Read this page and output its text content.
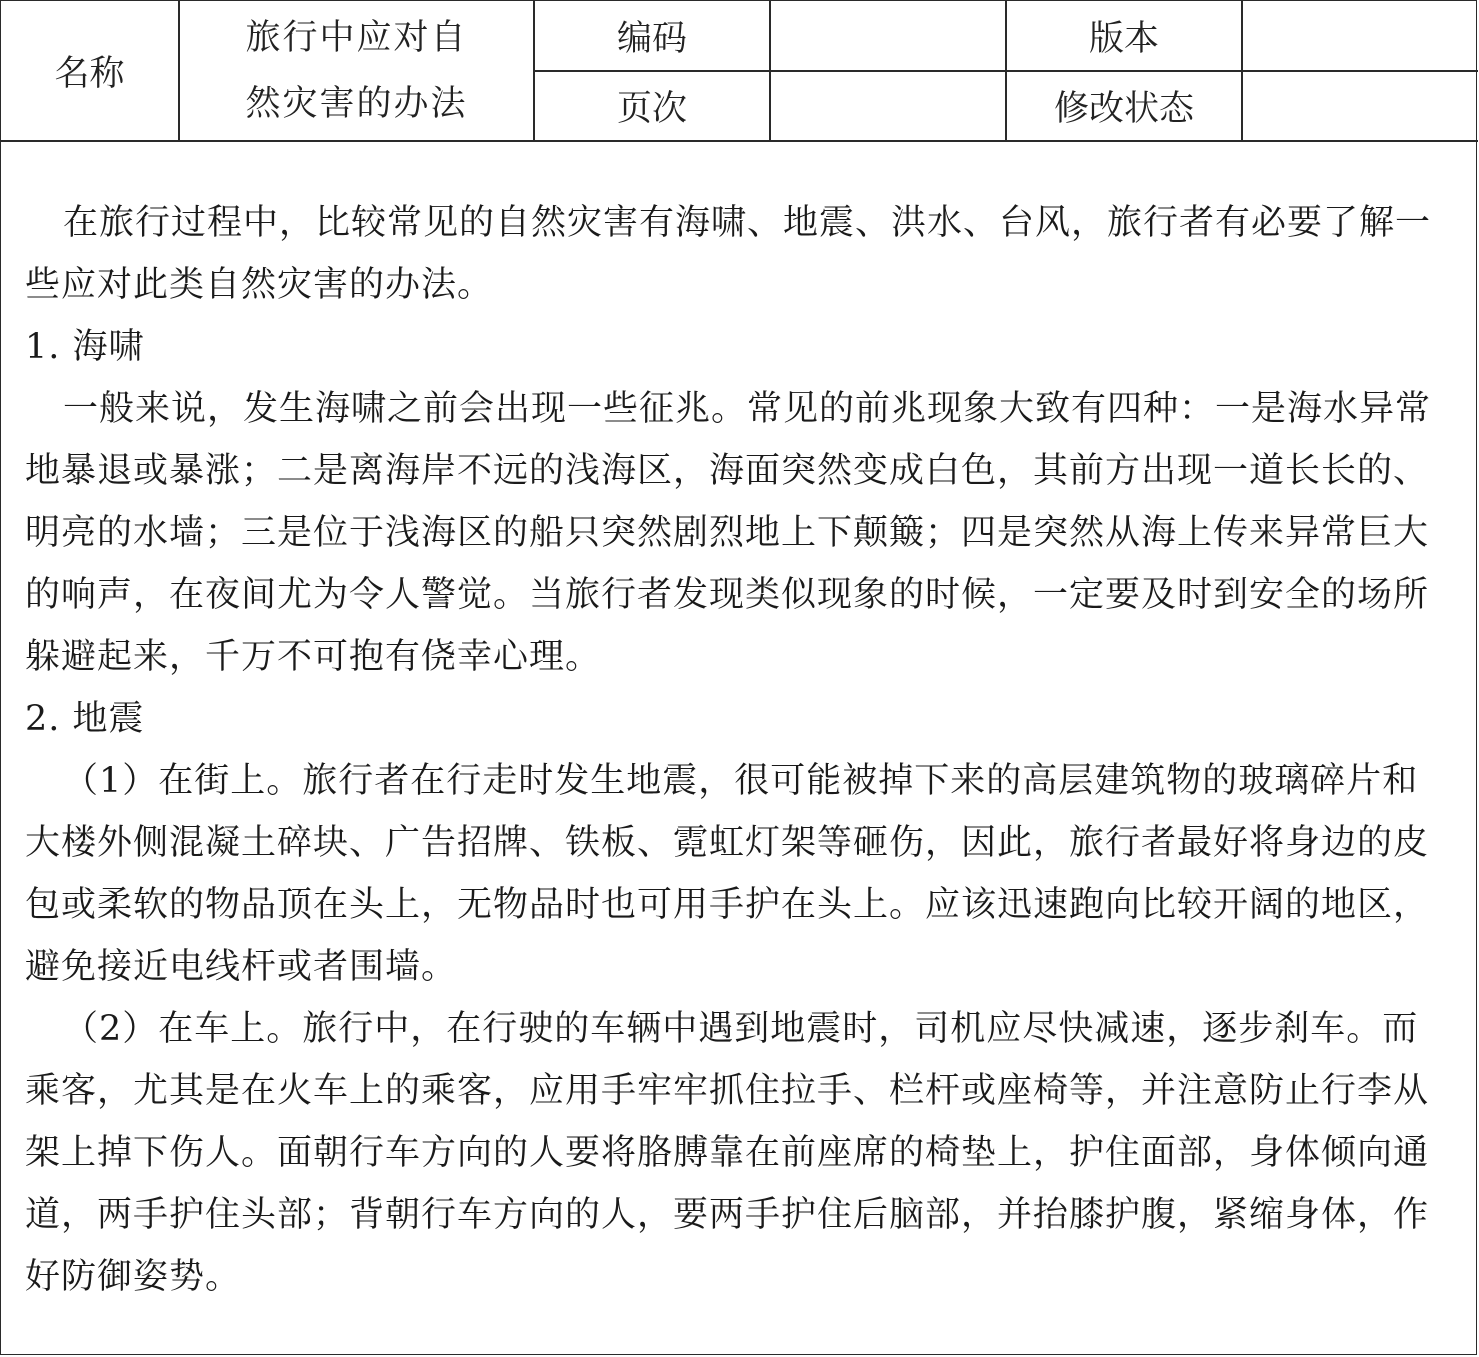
名称	旅行中应对自
然灾害的办法	编码		版本	
		页次		修改状态	

在旅行过程中，比较常见的自然灾害有海啸、地震、洪水、台风，旅行者有必要了解一些应对此类自然灾害的办法。

1. 海啸

一般来说，发生海啸之前会出现一些征兆。常见的前兆现象大致有四种：一是海水异常地暴退或暴涨；二是离海岸不远的浅海区，海面突然变成白色，其前方出现一道长长的、明亮的水墙；三是位于浅海区的船只突然剧烈地上下颠簸；四是突然从海上传来异常巨大的响声，在夜间尤为令人警觉。当旅行者发现类似现象的时候，一定要及时到安全的场所躲避起来，千万不可抱有侥幸心理。

2. 地震

（1）在街上。旅行者在行走时发生地震，很可能被掉下来的高层建筑物的玻璃碎片和大楼外侧混凝土碎块、广告招牌、铁板、霓虹灯架等砸伤，因此，旅行者最好将身边的皮包或柔软的物品顶在头上，无物品时也可用手护在头上。应该迅速跑向比较开阔的地区，避免接近电线杆或者围墙。

（2）在车上。旅行中，在行驶的车辆中遇到地震时，司机应尽快减速，逐步刹车。而乘客，尤其是在火车上的乘客，应用手牢牢抓住拉手、栏杆或座椅等，并注意防止行李从架上掉下伤人。面朝行车方向的人要将胳膊靠在前座席的椅垫上，护住面部，身体倾向通道，两手护住头部；背朝行车方向的人，要两手护住后脑部，并抬膝护腹，紧缩身体，作好防御姿势。
